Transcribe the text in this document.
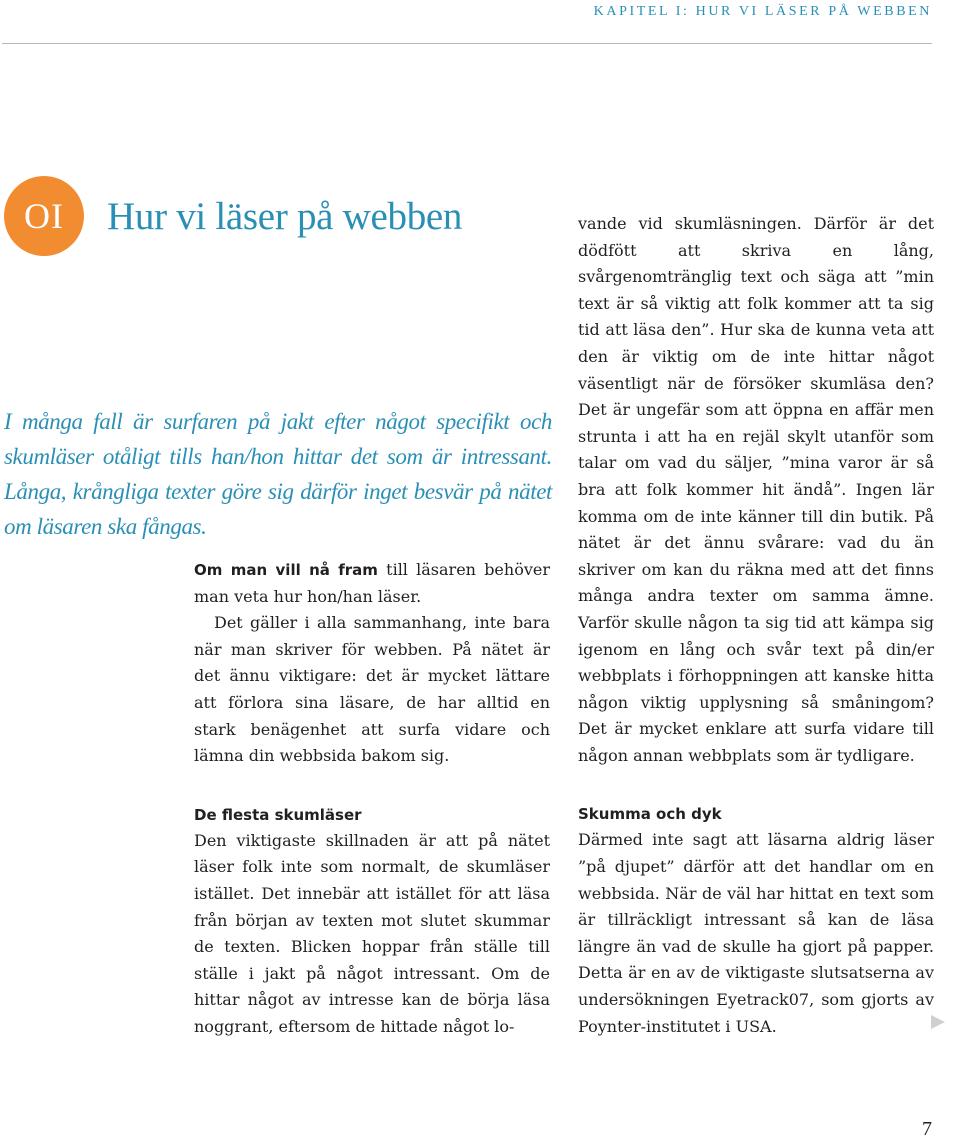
KAPITEL I: HUR VI LÄSER PÅ WEBBEN
OI	Hur vi läser på webben

I många fall är surfaren på jakt efter något specifikt och skumläser otåligt tills han/hon hittar det som är intressant. Långa, krångliga texter göre sig därför inget besvär på nätet om läsaren ska fångas.

Om man vill nå fram till läsaren behöver man veta hur hon/han läser.

Det gäller i alla sammanhang, inte bara när man skriver för webben. På nätet är det ännu viktigare: det är mycket lättare att förlora sina läsare, de har alltid en stark benägenhet att surfa vidare och lämna din webbsida bakom sig.

De flesta skumläser

Den viktigaste skillnaden är att på nätet läser folk inte som normalt, de skumläser istället. Det innebär att istället för att läsa från början av texten mot slutet skummar de texten. Blicken hoppar från ställe till ställe i jakt på något intressant. Om de hittar något av intresse kan de börja läsa noggrant, eftersom de hittade något lo-

vande vid skumläsningen. Därför är det dödfött att skriva en lång, svårgenomtränglig text och säga att ”min text är så viktig att folk kommer att ta sig tid att läsa den”. Hur ska de kunna veta att den är viktig om de inte hittar något väsentligt när de försöker skumläsa den? Det är ungefär som att öppna en affär men strunta i att ha en rejäl skylt utanför som talar om vad du säljer, ”mina varor är så bra att folk kommer hit ändå”. Ingen lär komma om de inte känner till din butik. På nätet är det ännu svårare: vad du än skriver om kan du räkna med att det finns många andra texter om samma ämne. Varför skulle någon ta sig tid att kämpa sig igenom en lång och svår text på din/er webbplats i förhoppningen att kanske hitta någon viktig upplysning så småningom? Det är mycket enklare att surfa vidare till någon annan webbplats som är tydligare.

Skumma och dyk

Därmed inte sagt att läsarna aldrig läser ”på djupet” därför att det handlar om en webbsida. När de väl har hittat en text som är tillräckligt intressant så kan de läsa längre än vad de skulle ha gjort på papper. Detta är en av de viktigaste slutsatserna av undersökningen Eyetrack07, som gjorts av Poynter-institutet i USA.

7
